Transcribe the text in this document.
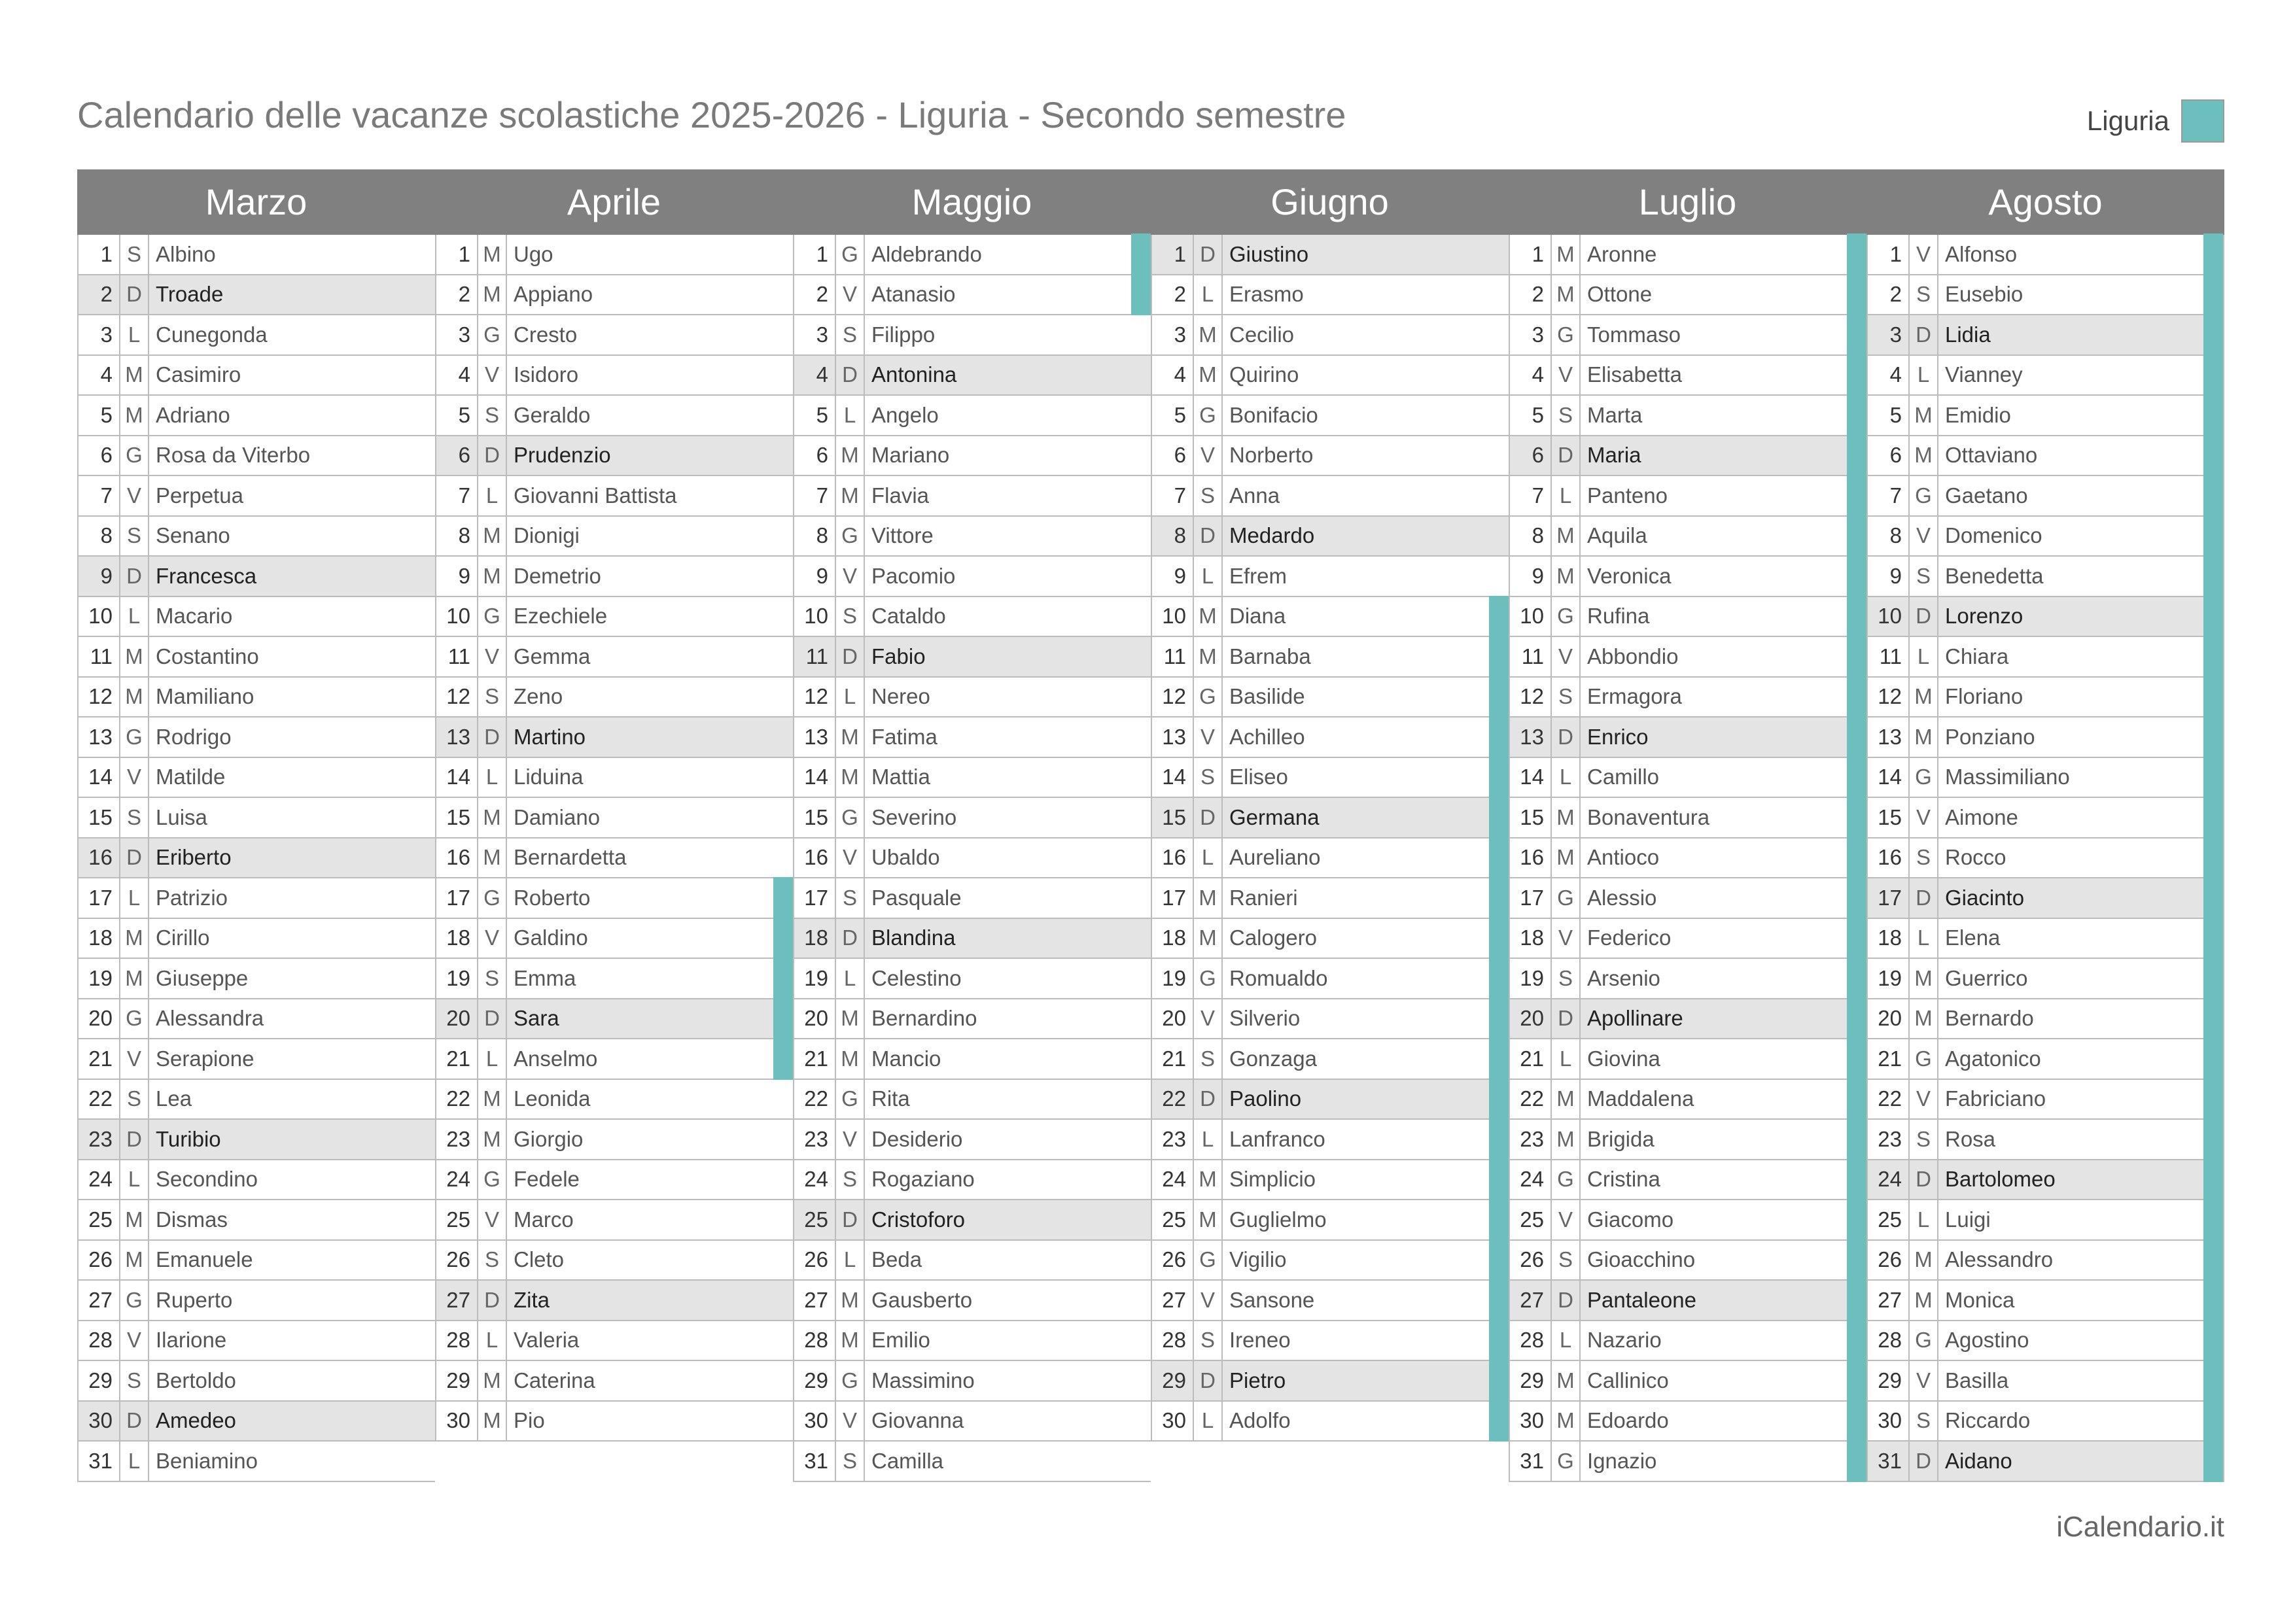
Calendario delle vacanze scolastiche 2025-2026 - Liguria - Secondo semestre	Liguria
Marzo
1 S Albino
2 D Troade
3 L Cunegonda
4 M Casimiro
5 M Adriano
6 G Rosa da Viterbo
7 V Perpetua
8 S Senano
9 D Francesca
10 L Macario
11 M Costantino
12 M Mamiliano
13 G Rodrigo
14 V Matilde
15 S Luisa
16 D Eriberto
17 L Patrizio
18 M Cirillo
19 M Giuseppe
20 G Alessandra
21 V Serapione
22 S Lea
23 D Turibio
24 L Secondino
25 M Dismas
26 M Emanuele
27 G Ruperto
28 V Ilarione
29 S Bertoldo
30 D Amedeo
31 L Beniamino
Aprile
1 M Ugo
2 M Appiano
3 G Cresto
4 V Isidoro
5 S Geraldo
6 D Prudenzio
7 L Giovanni Battista
8 M Dionigi
9 M Demetrio
10 G Ezechiele
11 V Gemma
12 S Zeno
13 D Martino
14 L Liduina
15 M Damiano
16 M Bernardetta
17 G Roberto
18 V Galdino
19 S Emma
20 D Sara
21 L Anselmo
22 M Leonida
23 M Giorgio
24 G Fedele
25 V Marco
26 S Cleto
27 D Zita
28 L Valeria
29 M Caterina
30 M Pio
Maggio
1 G Aldebrando
2 V Atanasio
3 S Filippo
4 D Antonina
5 L Angelo
6 M Mariano
7 M Flavia
8 G Vittore
9 V Pacomio
10 S Cataldo
11 D Fabio
12 L Nereo
13 M Fatima
14 M Mattia
15 G Severino
16 V Ubaldo
17 S Pasquale
18 D Blandina
19 L Celestino
20 M Bernardino
21 M Mancio
22 G Rita
23 V Desiderio
24 S Rogaziano
25 D Cristoforo
26 L Beda
27 M Gausberto
28 M Emilio
29 G Massimino
30 V Giovanna
31 S Camilla
Giugno
1 D Giustino
2 L Erasmo
3 M Cecilio
4 M Quirino
5 G Bonifacio
6 V Norberto
7 S Anna
8 D Medardo
9 L Efrem
10 M Diana
11 M Barnaba
12 G Basilide
13 V Achilleo
14 S Eliseo
15 D Germana
16 L Aureliano
17 M Ranieri
18 M Calogero
19 G Romualdo
20 V Silverio
21 S Gonzaga
22 D Paolino
23 L Lanfranco
24 M Simplicio
25 M Guglielmo
26 G Vigilio
27 V Sansone
28 S Ireneo
29 D Pietro
30 L Adolfo
Luglio
1 M Aronne
2 M Ottone
3 G Tommaso
4 V Elisabetta
5 S Marta
6 D Maria
7 L Panteno
8 M Aquila
9 M Veronica
10 G Rufina
11 V Abbondio
12 S Ermagora
13 D Enrico
14 L Camillo
15 M Bonaventura
16 M Antioco
17 G Alessio
18 V Federico
19 S Arsenio
20 D Apollinare
21 L Giovina
22 M Maddalena
23 M Brigida
24 G Cristina
25 V Giacomo
26 S Gioacchino
27 D Pantaleone
28 L Nazario
29 M Callinico
30 M Edoardo
31 G Ignazio
Agosto
1 V Alfonso
2 S Eusebio
3 D Lidia
4 L Vianney
5 M Emidio
6 M Ottaviano
7 G Gaetano
8 V Domenico
9 S Benedetta
10 D Lorenzo
11 L Chiara
12 M Floriano
13 M Ponziano
14 G Massimiliano
15 V Aimone
16 S Rocco
17 D Giacinto
18 L Elena
19 M Guerrico
20 M Bernardo
21 G Agatonico
22 V Fabriciano
23 S Rosa
24 D Bartolomeo
25 L Luigi
26 M Alessandro
27 M Monica
28 G Agostino
29 V Basilla
30 S Riccardo
31 D Aidano
iCalendario.it
